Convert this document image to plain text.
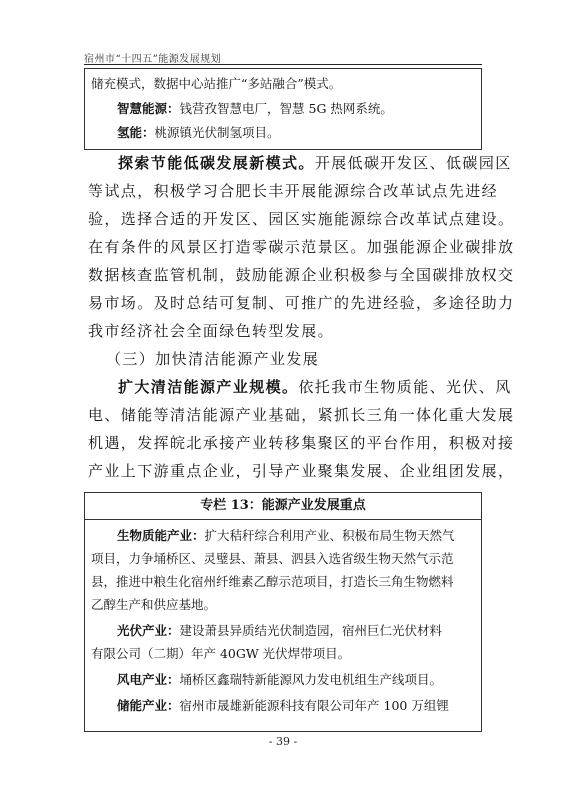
宿州市“十四五”能源发展规划
储充模式，数据中心站推广“多站融合”模式。
智慧能源：钱营孜智慧电厂，智慧 5G 热网系统。
氢能：桃源镇光伏制氢项目。
探索节能低碳发展新模式。开展低碳开发区、低碳园区
等试点，积极学习合肥长丰开展能源综合改革试点先进经
验，选择合适的开发区、园区实施能源综合改革试点建设。
在有条件的风景区打造零碳示范景区。加强能源企业碳排放
数据核查监管机制，鼓励能源企业积极参与全国碳排放权交
易市场。及时总结可复制、可推广的先进经验，多途径助力
我市经济社会全面绿色转型发展。
（三）加快清洁能源产业发展
扩大清洁能源产业规模。依托我市生物质能、光伏、风
电、储能等清洁能源产业基础，紧抓长三角一体化重大发展
机遇，发挥皖北承接产业转移集聚区的平台作用，积极对接
产业上下游重点企业，引导产业聚集发展、企业组团发展，
专栏 13：能源产业发展重点
生物质能产业：扩大秸秆综合利用产业、积极布局生物天然气
项目，力争埇桥区、灵璧县、萧县、泗县入选省级生物天然气示范
县，推进中粮生化宿州纤维素乙醇示范项目，打造长三角生物燃料
乙醇生产和供应基地。
光伏产业：建设萧县异质结光伏制造园，宿州巨仁光伏材料
有限公司（二期）年产 40GW 光伏焊带项目。
风电产业：埇桥区鑫瑞特新能源风力发电机组生产线项目。
储能产业：宿州市晟雄新能源科技有限公司年产 100 万组锂
- 39 -
